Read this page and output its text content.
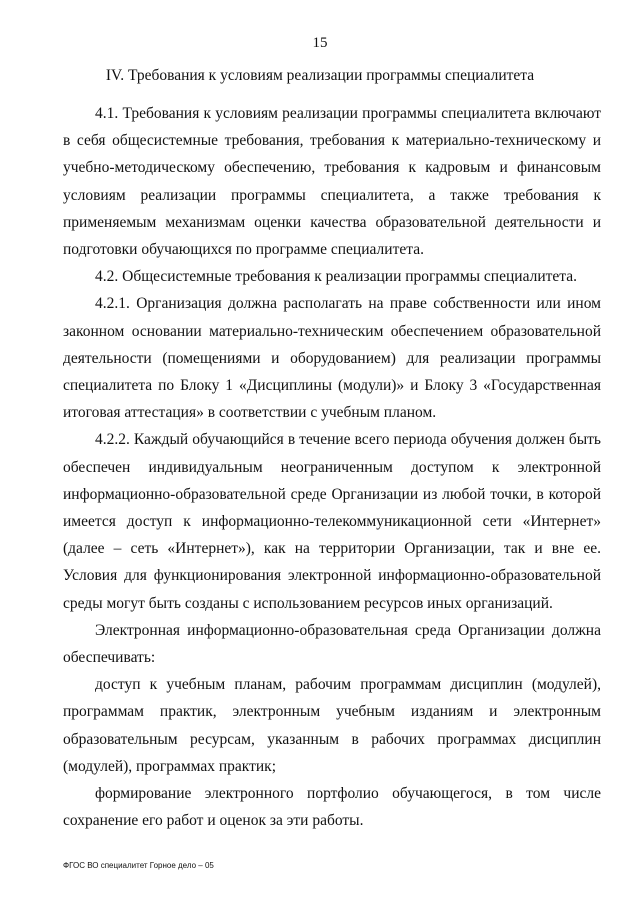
15
IV. Требования к условиям реализации программы специалитета

4.1. Требования к условиям реализации программы специалитета включают в себя общесистемные требования, требования к материально-техническому и учебно-методическому обеспечению, требования к кадровым и финансовым условиям реализации программы специалитета, а также требования к применяемым механизмам оценки качества образовательной деятельности и подготовки обучающихся по программе специалитета.

4.2. Общесистемные требования к реализации программы специалитета.

4.2.1. Организация должна располагать на праве собственности или ином законном основании материально-техническим обеспечением образовательной деятельности (помещениями и оборудованием) для реализации программы специалитета по Блоку 1 «Дисциплины (модули)» и Блоку 3 «Государственная итоговая аттестация» в соответствии с учебным планом.

4.2.2. Каждый обучающийся в течение всего периода обучения должен быть обеспечен индивидуальным неограниченным доступом к электронной информационно-образовательной среде Организации из любой точки, в которой имеется доступ к информационно-телекоммуникационной сети «Интернет» (далее – сеть «Интернет»), как на территории Организации, так и вне ее. Условия для функционирования электронной информационно-образовательной среды могут быть созданы с использованием ресурсов иных организаций.

Электронная информационно-образовательная среда Организации должна обеспечивать:

доступ к учебным планам, рабочим программам дисциплин (модулей), программам практик, электронным учебным изданиям и электронным образовательным ресурсам, указанным в рабочих программах дисциплин (модулей), программах практик;

формирование электронного портфолио обучающегося, в том числе сохранение его работ и оценок за эти работы.

ФГОС ВО специалитет Горное дело – 05
